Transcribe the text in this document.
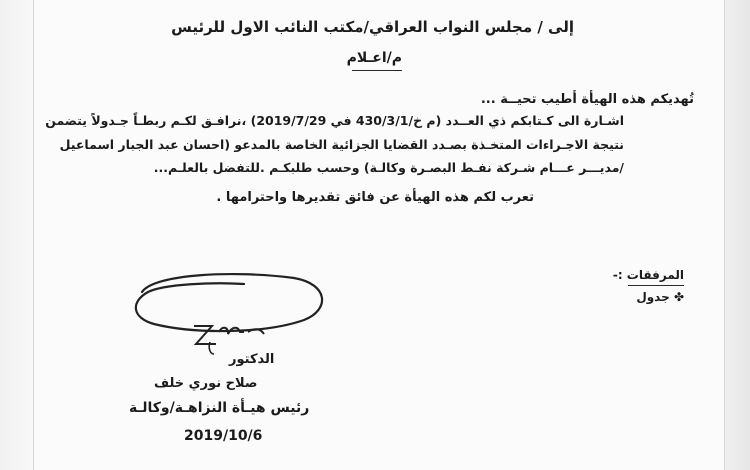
إلى / مجلس النواب العراقي/مكتب النائب الاول للرئيس
م/اعـلام
تُهديكم هذه الهيأة أطيب تحيــة ...
اشـارة الى كـتابكم ذي العــدد (م خ/430/3/1 في 2019/7/29) ،نرافـق لكـم ربطـاً جـدولاً يتضمن
نتيجة الاجـراءات المتخـذة بصـدد القضايا الجزائية الخاصة بالمدعو (احسان عبد الجبار اسماعيل
/مديـــر عـــام شـركة نفـط البصـرة وكالـة) وحسب طلبكـم .للتفضل بالعلـم...
تعرب لكم هذه الهيأة عن فائق تقديرها واحترامها .
المرفقات :-
✤ جدول
الدكتور
صلاح نوري خلف
رئيس هيـأة النزاهـة/وكالـة
2019/10/6
